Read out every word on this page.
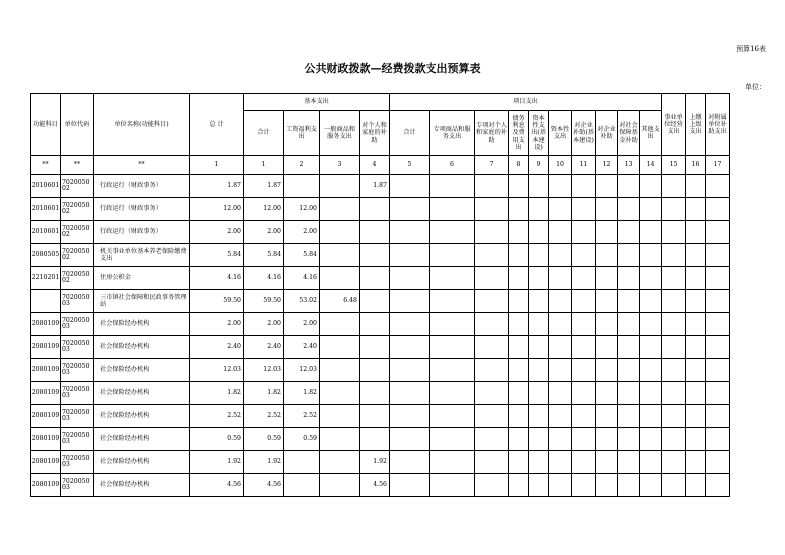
预算16表
公共财政拨款—经费拨款支出预算表
单位：
功能科目	单位代码	单位名称(功能科目)	总 计	基本支出				项目支出										事业单位经营支出	上缴上级支出	对附属单位补助支出
				合计	工资福利支出	一般商品和服务支出	对个人和家庭的补助	合计	专项商品和服务支出	专项对个人和家庭的补助	债务利息及费用支出	资本性支出(基本建设)	资本性支出	对企业补助(基本建设)	对企业补助	对社会保障基金补助	其他支出			
**	**	**	1	1	2	3	4	5	6	7	8	9	10	11	12	13	14	15	16	17
2010601	702005002	行政运行（财政事务）	1.87	1.87			1.87													
2010601	702005002	行政运行（财政事务）	12.00	12.00	12.00															
2010601	702005002	行政运行（财政事务）	2.00	2.00	2.00															
2080505	702005002	机关事业单位基本养老保险缴费支出	5.84	5.84	5.84															
2210201	702005002	住房公积金	4.16	4.16	4.16															
	702005003	三市镇社会保障和民政事务管理站	59.50	59.50	53.02	6.48														
2080109	702005003	社会保险经办机构	2.00	2.00	2.00															
2080109	702005003	社会保险经办机构	2.40	2.40	2.40															
2080109	702005003	社会保险经办机构	12.03	12.03	12.03															
2080109	702005003	社会保险经办机构	1.82	1.82	1.82															
2080109	702005003	社会保险经办机构	2.52	2.52	2.52															
2080109	702005003	社会保险经办机构	0.59	0.59	0.59															
2080109	702005003	社会保险经办机构	1.92	1.92			1.92													
2080109	702005003	社会保险经办机构	4.56	4.56			4.56													
